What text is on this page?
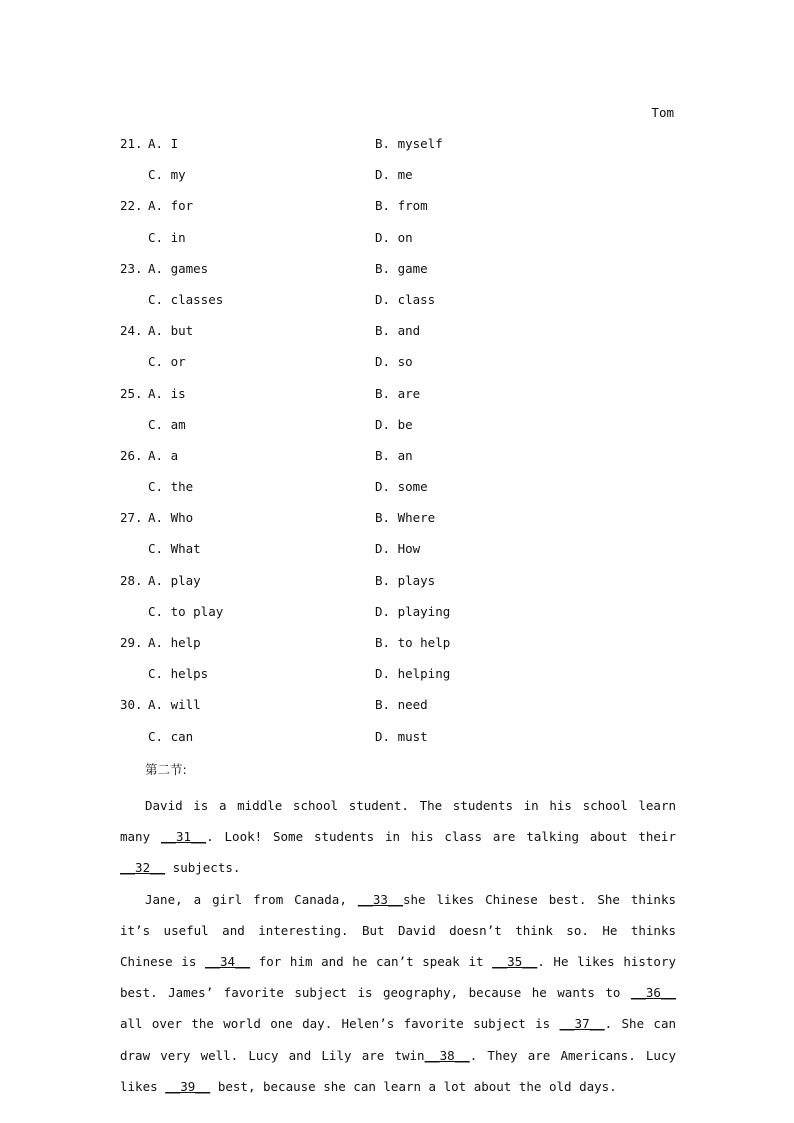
Tom
21. A. I	B. myself
C. my	D. me
22. A. for	B. from
C. in	D. on
23. A. games	B. game
C. classes	D. class
24. A. but	B. and
C. or	D. so
25. A. is	B. are
C. am	D. be
26. A. a	B. an
C. the	D. some
27. A. Who	B. Where
C. What	D. How
28. A. play	B. plays
C. to play	D. playing
29. A. help	B. to help
C. helps	D. helping
30. A. will	B. need
C. can	D. must
第二节:

David is a middle school student. The students in his school learn many __31__. Look! Some students in his class are talking about their __32__ subjects.

Jane, a girl from Canada, __33__she likes Chinese best. She thinks it’s useful and interesting. But David doesn’t think so. He thinks Chinese is __34__ for him and he can’t speak it __35__. He likes history best. James’ favorite subject is geography, because he wants to __36__ all over the world one day. Helen’s favorite subject is __37__. She can draw very well. Lucy and Lily are twin__38__. They are Americans. Lucy likes __39__ best, because she can learn a lot about the old days.
